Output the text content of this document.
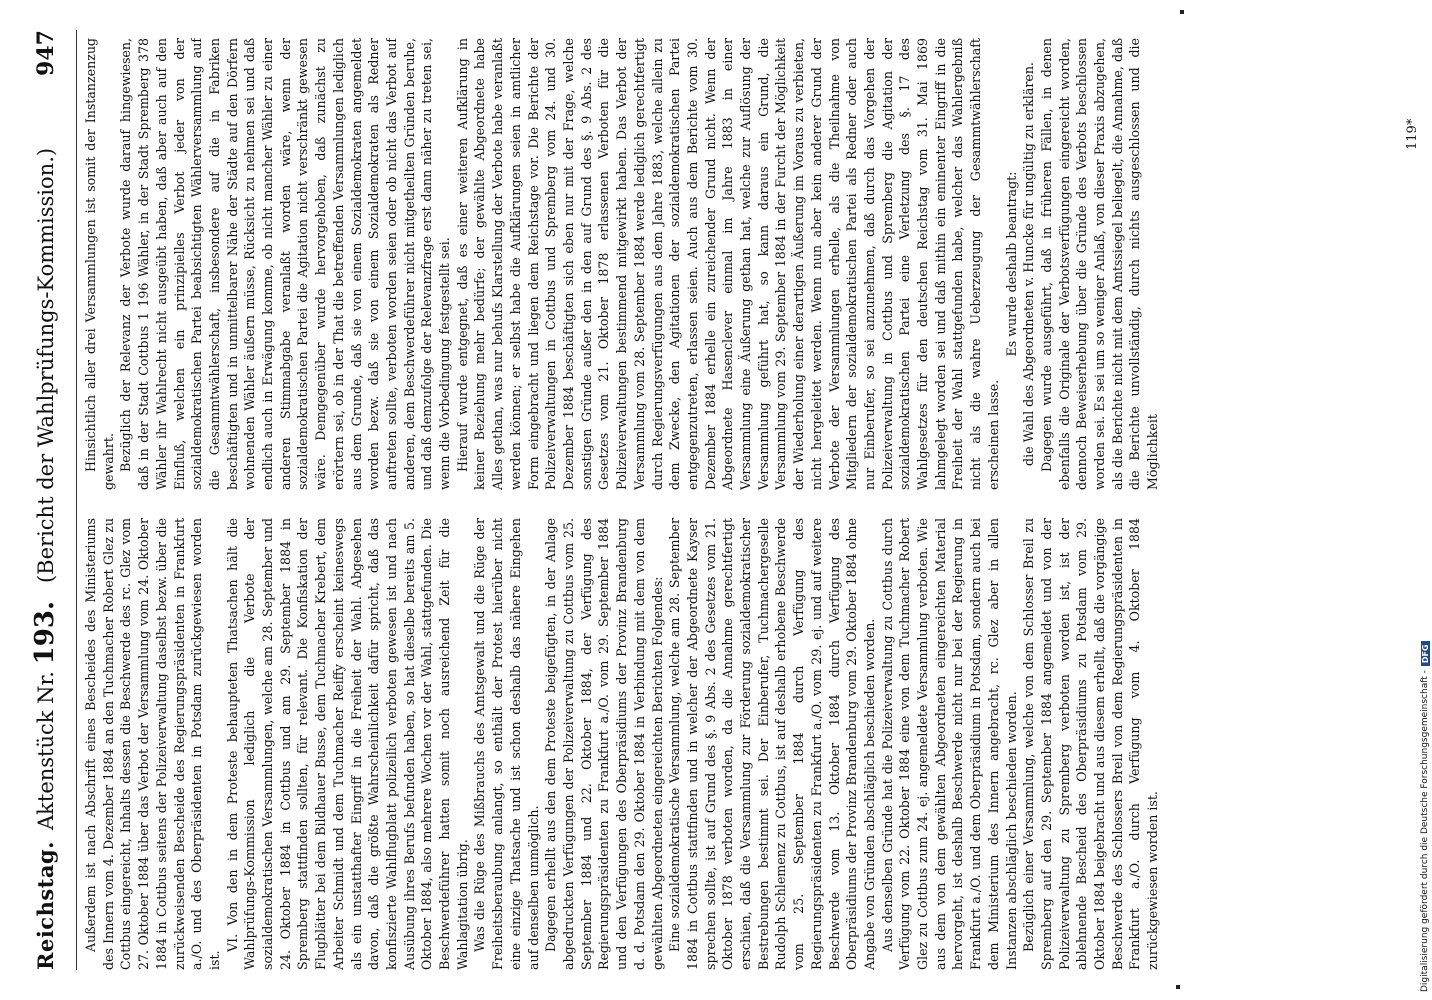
Reichstag.
Aktenstück Nr. 193.
(Bericht der Wahlprüfungs-Kommission.)
947

Außerdem ist nach Abschrift eines Bescheides des Ministeriums des Innern vom 4. Dezember 1884 an den Tuchmacher Robert Glez zu Cottbus eingereicht, Inhalts dessen die Beschwerde des rc. Glez vom 27. Oktober 1884 über das Verbot der Versammlung vom 24. Oktober 1884 in Cottbus seitens der Polizeiverwaltung daselbst bezw. über die zurückweisenden Bescheide des Regierungspräsidenten in Frankfurt a./O. und des Oberpräsidenten in Potsdam zurückgewiesen worden ist.

VI. Von den in dem Proteste behaupteten Thatsachen hält die Wahlprüfungs-Kommission lediglich die Verbote der sozialdemokratischen Versammlungen, welche am 28. September und 24. Oktober 1884 in Cottbus und am 29. September 1884 in Spremberg stattfinden sollten, für relevant. Die Konfiskation der Flugblätter bei dem Bildhauer Busse, dem Tuchmacher Krebert, dem Arbeiter Schmidt und dem Tuchmacher Reiffy erscheint keineswegs als ein unstatthafter Eingriff in die Freiheit der Wahl. Abgesehen davon, daß die größte Wahrscheinlichkeit dafür spricht, daß das konfiszierte Wahlflugblatt polizeilich verboten gewesen ist und nach Ausübung ihres Berufs befunden haben, so hat dieselbe bereits am 5. Oktober 1884, also mehrere Wochen vor der Wahl, stattgefunden. Die Beschwerdeführer hatten somit noch ausreichend Zeit für die Wahlagitation übrig. Was die Rüge des Mißbrauchs des Amtsgewalt und die Rüge der Freiheitsberaubung anlangt, so enthält der Protest hierüber nicht eine einzige Thatsache und ist schon deshalb das nähere Eingehen auf denselben unmöglich. Dagegen erhellt aus den dem Proteste beigefügten, in der Anlage abgedruckten Verfügungen der Polizeiverwaltung zu Cottbus vom 25. September 1884 und 22. Oktober 1884, der Verfügung des Regierungspräsidenten zu Frankfurt a./O. vom 29. September 1884 und den Verfügungen des Oberpräsidiums der Provinz Brandenburg d. d. Potsdam den 29. Oktober 1884 in Verbindung mit dem von dem gewählten Abgeordneten eingereichten Berichten Folgendes: Eine sozialdemokratische Versammlung, welche am 28. September 1884 in Cottbus stattfinden und in welcher der Abgeordnete Kayser sprechen sollte, ist auf Grund des §. 9 Abs. 2 des Gesetzes vom 21. Oktober 1878 verboten worden, da die Annahme gerechtfertigt erschien, daß die Versammlung zur Förderung sozialdemokratischer Bestrebungen bestimmt sei. Der Einberufer, Tuchmachergeselle Rudolph Schlemenz zu Cottbus, ist auf deshalb erhobene Beschwerde vom 25. September 1884 durch Verfügung des Regierungspräsidenten zu Frankfurt a./O. vom 29. ej. und auf weitere Beschwerde vom 13. Oktober 1884 durch Verfügung des Oberpräsidiums der Provinz Brandenburg vom 29. Oktober 1884 ohne Angabe von Gründen abschläglich beschieden worden. Aus denselben Gründe hat die Polizeiverwaltung zu Cottbus durch Verfügung vom 22. Oktober 1884 eine von dem Tuchmacher Robert Glez zu Cottbus zum 24. ej. angemeldete Versammlung verboten. Wie aus dem von dem gewählten Abgeordneten eingereichten Material hervorgeht, ist deshalb Beschwerde nicht nur bei der Regierung in Frankfurt a./O. und dem Oberpräsidium in Potsdam, sondern auch bei dem Ministerium des Innern angebracht, rc. Glez aber in allen Instanzen abschläglich beschieden worden. Bezüglich einer Versammlung, welche von dem Schlosser Breil zu Spremberg auf den 29. September 1884 angemeldet und von der Polizeiverwaltung zu Spremberg verboten worden ist, ist der ablehnende Bescheid des Oberpräsidiums zu Potsdam vom 29. Oktober 1884 beigebracht und aus diesem erhellt, daß die vorgängige Beschwerde des Schlossers Breil von dem Regierungspräsidenten in Frankfurt a./O. durch Verfügung vom 4. Oktober 1884 zurückgewiesen worden ist.

Hinsichtlich aller drei Versammlungen ist somit der Instanzenzug gewahrt. Bezüglich der Relevanz der Verbote wurde darauf hingewiesen, daß in der Stadt Cottbus 1 196 Wähler, in der Stadt Spremberg 378 Wähler ihr Wahlrecht nicht ausgeübt haben, daß aber auch auf den Einfluß, welchen ein prinzipielles Verbot jeder von der sozialdemokratischen Partei beabsichtigten Wählerversammlung auf die Gesammtwählerschaft, insbesondere auf die in Fabriken beschäftigten und in unmittelbarer Nähe der Städte auf den Dörfern wohnenden Wähler äußern müsse, Rücksicht zu nehmen sei und daß endlich auch in Erwägung komme, ob nicht mancher Wähler zu einer anderen Stimmabgabe veranlaßt worden wäre, wenn der sozialdemokratischen Partei die Agitation nicht verschränkt gewesen wäre. Demgegenüber wurde hervorgehoben, daß zunächst zu erörtern sei, ob in der That die betreffenden Versammlungen lediglich aus dem Grunde, daß sie von einem Sozialdemokraten angemeldet worden bezw. daß sie von einem Sozialdemokraten als Redner auftreten sollte, verboten worden seien oder ob nicht das Verbot auf anderen, dem Beschwerdeführer nicht mitgetheilten Gründen beruhe, und daß demzufolge der Relevanzfrage erst dann näher zu treten sei, wenn die Vorbedingung festgestellt sei. Hierauf wurde entgegnet, daß es einer weiteren Aufklärung in keiner Beziehung mehr bedürfe; der gewählte Abgeordnete habe Alles gethan, was nur behufs Klarstellung der Verbote habe veranlaßt werden können; er selbst habe die Aufklärungen seien in amtlicher Form eingebracht und liegen dem Reichstage vor. Die Berichte der Polizeiverwaltungen in Cottbus und Spremberg vom 24. und 30. Dezember 1884 beschäftigten sich eben nur mit der Frage, welche sonstigen Gründe außer den in den auf Grund des §. 9 Abs. 2 des Gesetzes vom 21. Oktober 1878 erlassenen Verboten für die Polizeiverwaltungen bestimmend mitgewirkt haben. Das Verbot der Versammlung vom 28. September 1884 werde lediglich gerechtfertigt durch Regierungsverfügungen aus dem Jahre 1883, welche allein zu dem Zwecke, den Agitationen der sozialdemokratischen Partei entgegenzutreten, erlassen seien. Auch aus dem Berichte vom 30. Dezember 1884 erhelle ein zureichender Grund nicht. Wenn der Abgeordnete Hasenclever einmal im Jahre 1883 in einer Versammlung eine Äußerung gethan hat, welche zur Auflösung der Versammlung geführt hat, so kann daraus ein Grund, die Versammlung vom 29. September 1884 in der Furcht der Möglichkeit der Wiederholung einer derartigen Äußerung im Voraus zu verbieten, nicht hergeleitet werden. Wenn nun aber kein anderer Grund der Verbote der Versammlungen erhelle, als die Theilnahme von Mitgliedern der sozialdemokratischen Partei als Redner oder auch nur Einberufer, so sei anzunehmen, daß durch das Vorgehen der Polizeiverwaltung in Cottbus und Spremberg die Agitation der sozialdemokratischen Partei eine Verletzung des §. 17 des Wahlgesetzes für den deutschen Reichstag vom 31. Mai 1869 lahmgelegt worden sei und daß mithin ein eminenter Eingriff in die Freiheit der Wahl stattgefunden habe, welcher das Wahlergebniß nicht als die wahre Ueberzeugung der Gesammtwählerschaft erscheinen lasse.

Es wurde deshalb beantragt: die Wahl des Abgeordneten v. Huncke für ungültig zu erklären. Dagegen wurde ausgeführt, daß in früheren Fällen, in denen ebenfalls die Originale der Verbotsverfügungen eingereicht worden, dennoch Beweiserhebung über die Gründe des Verbots beschlossen worden sei. Es sei um so weniger Anlaß, von dieser Praxis abzugehen, als die Berichte nicht mit dem Amtssiegel beliegelt, die Annahme, daß die Berichte unvollständig, durch nichts ausgeschlossen und die Möglichkeit

119*
Digitalisierung gefördert durch die Deutsche Forschungsgemeinschaft -
DFG
